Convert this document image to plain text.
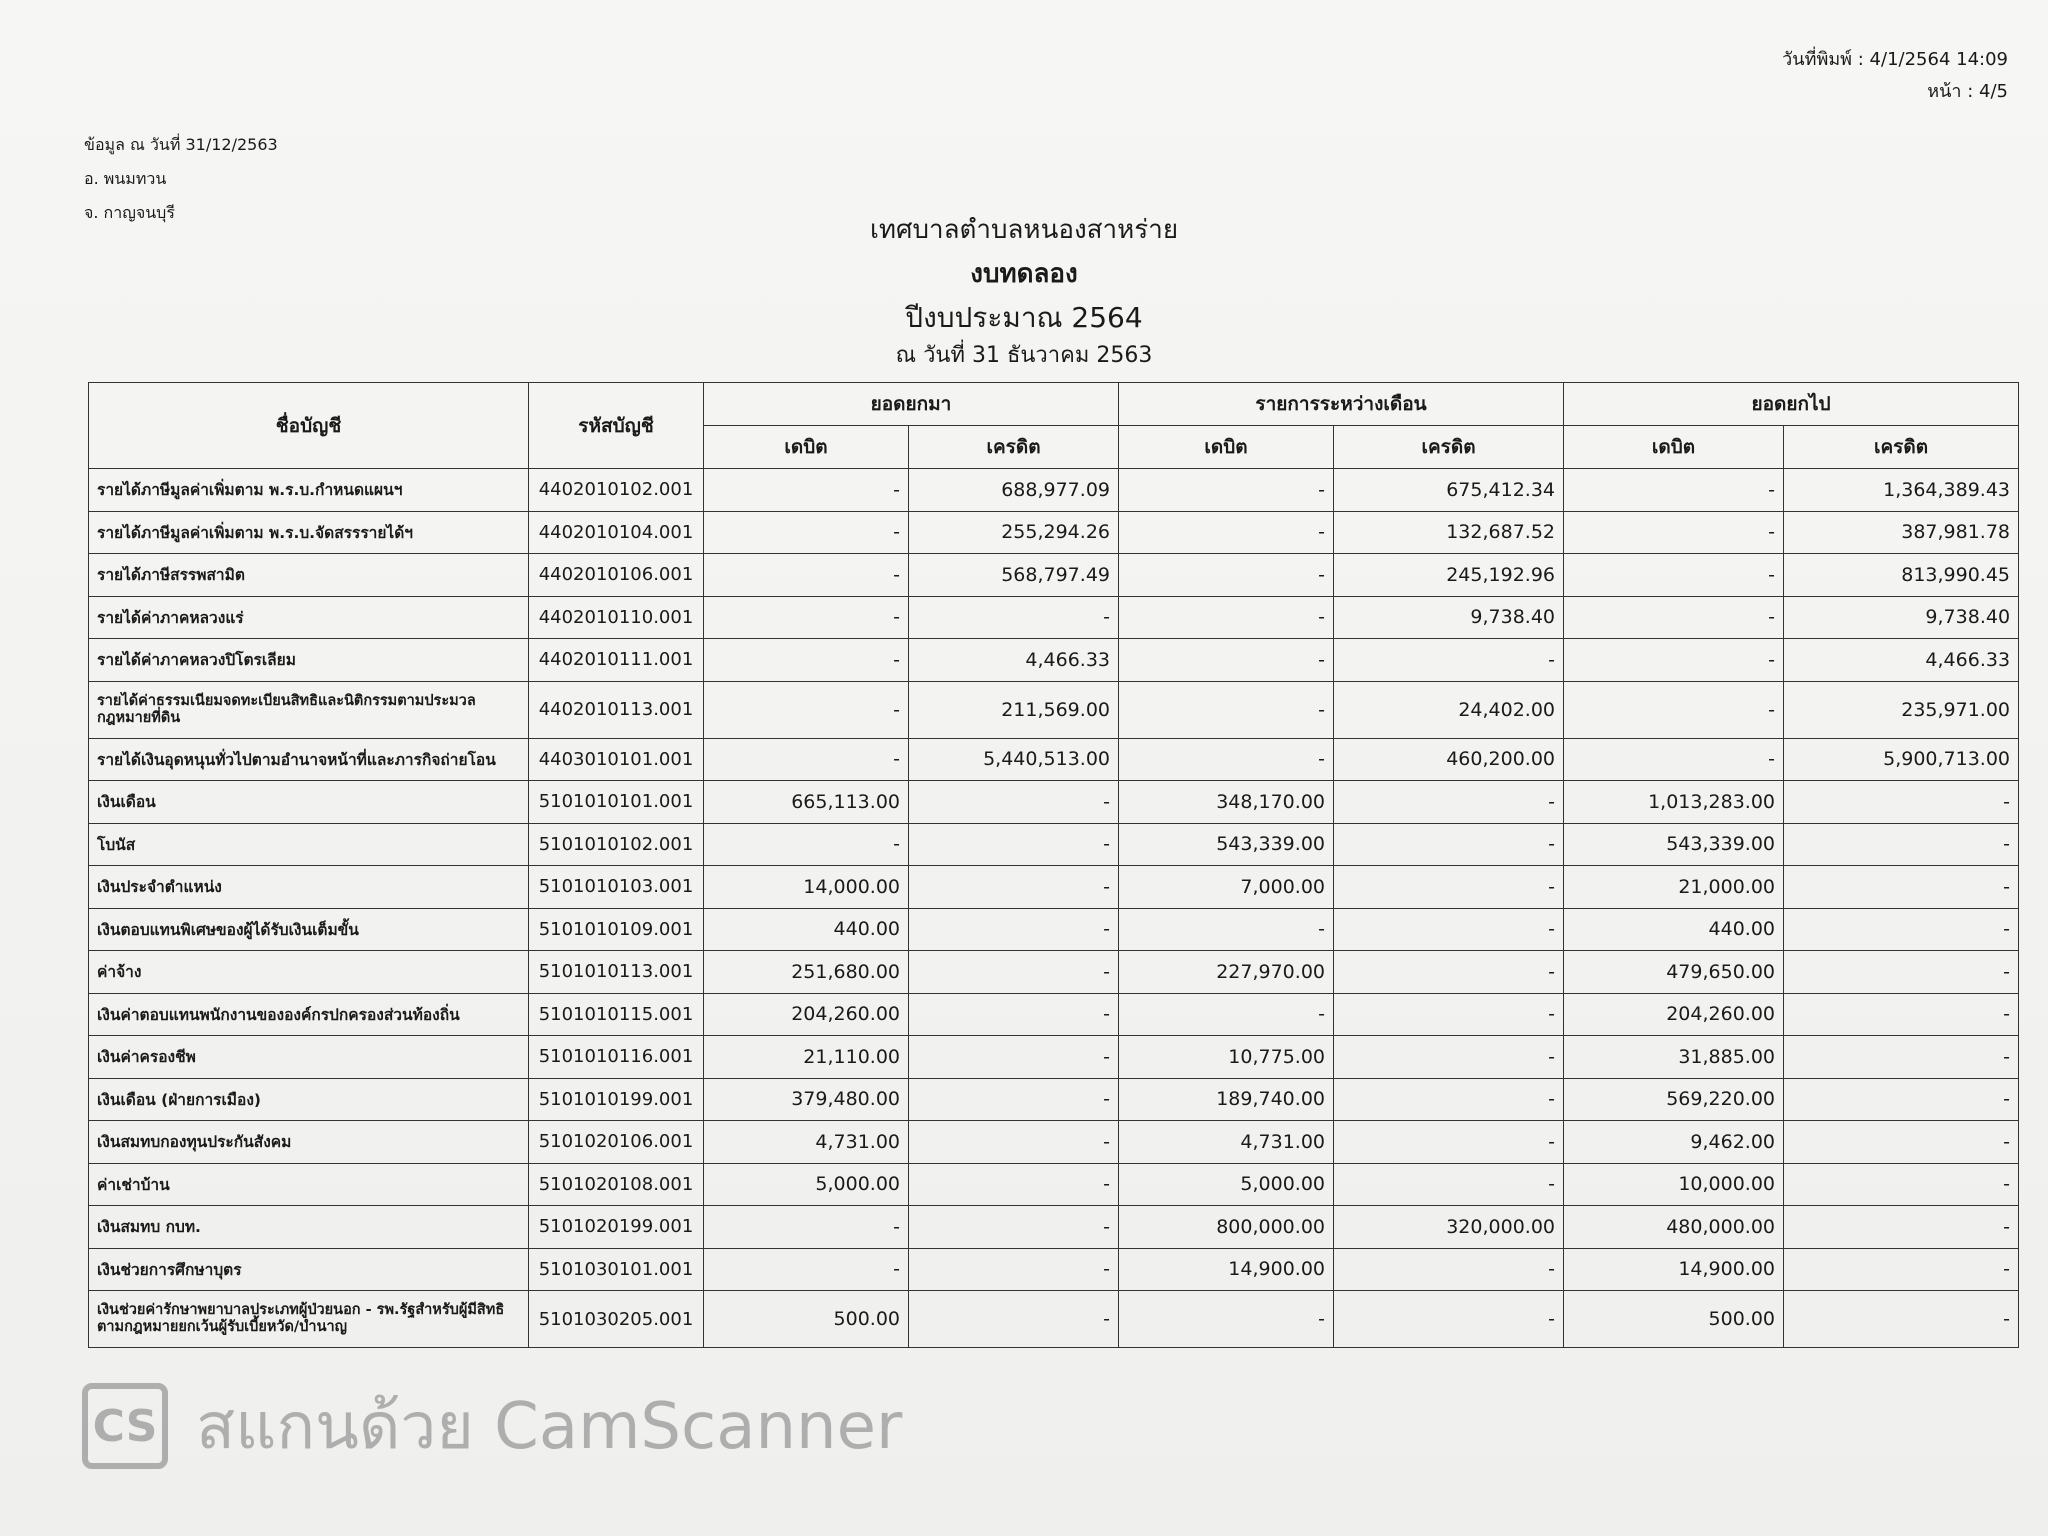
วันที่พิมพ์ : 4/1/2564 14:09
หน้า : 4/5
ข้อมูล ณ วันที่ 31/12/2563
อ. พนมทวน
จ. กาญจนบุรี
เทศบาลตำบลหนองสาหร่าย
งบทดลอง
ปีงบประมาณ 2564
ณ วันที่ 31 ธันวาคม 2563
ชื่อบัญชี	รหัสบัญชี	ยอดยกมา		รายการระหว่างเดือน		ยอดยกไป	
		เดบิต	เครดิต	เดบิต	เครดิต	เดบิต	เครดิต
รายได้ภาษีมูลค่าเพิ่มตาม พ.ร.บ.กำหนดแผนฯ	4402010102.001	-	688,977.09	-	675,412.34	-	1,364,389.43
รายได้ภาษีมูลค่าเพิ่มตาม พ.ร.บ.จัดสรรรายได้ฯ	4402010104.001	-	255,294.26	-	132,687.52	-	387,981.78
รายได้ภาษีสรรพสามิต	4402010106.001	-	568,797.49	-	245,192.96	-	813,990.45
รายได้ค่าภาคหลวงแร่	4402010110.001	-	-	-	9,738.40	-	9,738.40
รายได้ค่าภาคหลวงปิโตรเลียม	4402010111.001	-	4,466.33	-	-	-	4,466.33
รายได้ค่าธรรมเนียมจดทะเบียนสิทธิและนิติกรรมตามประมวลกฎหมายที่ดิน	4402010113.001	-	211,569.00	-	24,402.00	-	235,971.00
รายได้เงินอุดหนุนทั่วไปตามอำนาจหน้าที่และภารกิจถ่ายโอน	4403010101.001	-	5,440,513.00	-	460,200.00	-	5,900,713.00
เงินเดือน	5101010101.001	665,113.00	-	348,170.00	-	1,013,283.00	-
โบนัส	5101010102.001	-	-	543,339.00	-	543,339.00	-
เงินประจำตำแหน่ง	5101010103.001	14,000.00	-	7,000.00	-	21,000.00	-
เงินตอบแทนพิเศษของผู้ได้รับเงินเต็มขั้น	5101010109.001	440.00	-	-	-	440.00	-
ค่าจ้าง	5101010113.001	251,680.00	-	227,970.00	-	479,650.00	-
เงินค่าตอบแทนพนักงานขององค์กรปกครองส่วนท้องถิ่น	5101010115.001	204,260.00	-	-	-	204,260.00	-
เงินค่าครองชีพ	5101010116.001	21,110.00	-	10,775.00	-	31,885.00	-
เงินเดือน (ฝ่ายการเมือง)	5101010199.001	379,480.00	-	189,740.00	-	569,220.00	-
เงินสมทบกองทุนประกันสังคม	5101020106.001	4,731.00	-	4,731.00	-	9,462.00	-
ค่าเช่าบ้าน	5101020108.001	5,000.00	-	5,000.00	-	10,000.00	-
เงินสมทบ กบท.	5101020199.001	-	-	800,000.00	320,000.00	480,000.00	-
เงินช่วยการศึกษาบุตร	5101030101.001	-	-	14,900.00	-	14,900.00	-
เงินช่วยค่ารักษาพยาบาลประเภทผู้ป่วยนอก - รพ.รัฐสำหรับผู้มีสิทธิตามกฎหมายยกเว้นผู้รับเบี้ยหวัด/บำนาญ	5101030205.001	500.00	-	-	-	500.00	-
CS สแกนด้วย CamScanner
